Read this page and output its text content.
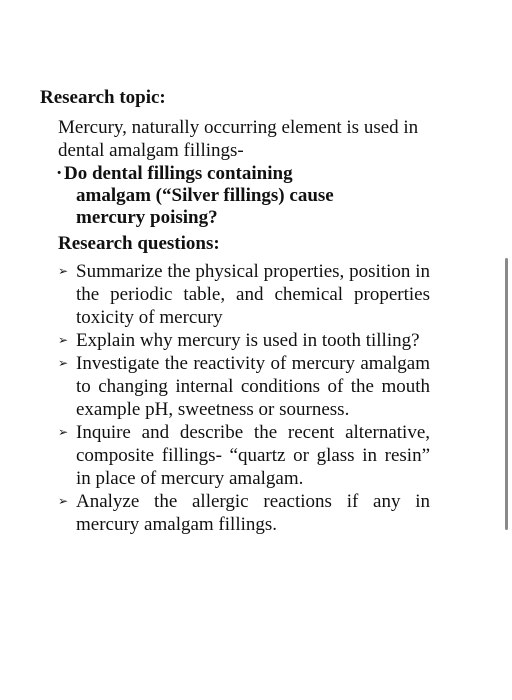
Research topic:

Mercury, naturally occurring element is used in dental amalgam fillings-

· Do dental fillings containing
amalgam (“Silver fillings) cause
mercury poising?

Research questions:
➢ Summarize the physical properties, position in the periodic table, and chemical properties toxicity of mercury
➢ Explain why mercury is used in tooth tilling?
➢ Investigate the reactivity of mercury amalgam to changing internal conditions of the mouth example pH, sweetness or sourness.
➢ Inquire and describe the recent alternative, composite fillings- “quartz or glass in resin” in place of mercury amalgam.
➢ Analyze the allergic reactions if any in mercury amalgam fillings.
